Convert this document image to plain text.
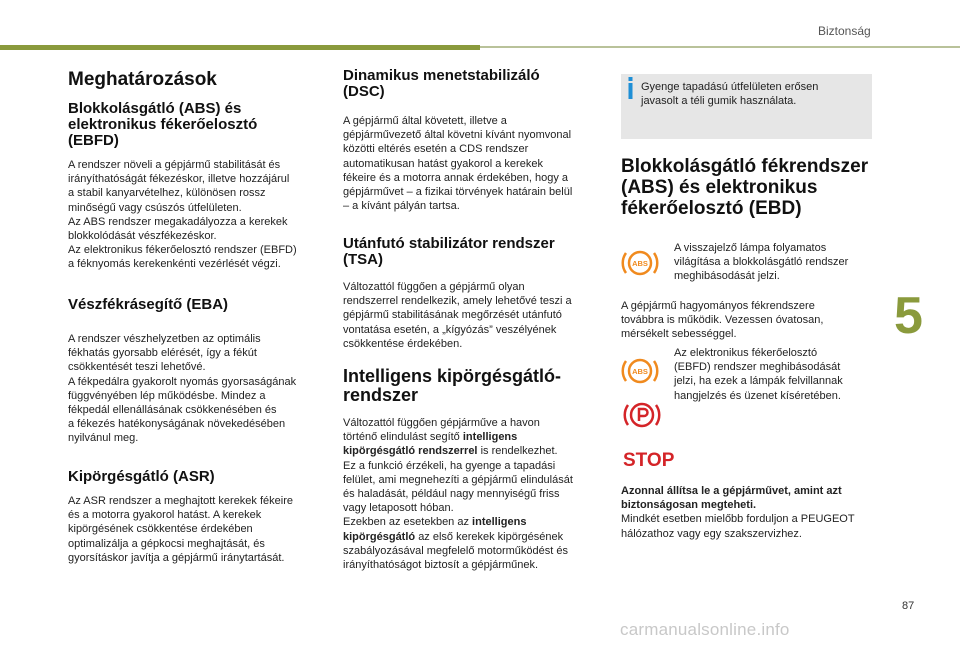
Biztonság
5
87
carmanualsonline.info
Meghatározások
Blokkolásgátló (ABS) és elektronikus fékerőelosztó (EBFD)

A rendszer növeli a gépjármű stabilitását és

irányíthatóságát fékezéskor, illetve hozzájárul

a stabil kanyarvételhez, különösen rossz

minőségű vagy csúszós útfelületen.

Az ABS rendszer megakadályozza a kerekek

blokkolódását vészfékezéskor.

Az elektronikus fékerőelosztó rendszer (EBFD)

a féknyomás kerekenkénti vezérlését végzi.

Vészfékrásegítő (EBA)

A rendszer vészhelyzetben az optimális

fékhatás gyorsabb elérését, így a fékút

csökkentését teszi lehetővé.

A fékpedálra gyakorolt nyomás gyorsaságának

függvényében lép működésbe. Mindez a

fékpedál ellenállásának csökkenésében és

a fékezés hatékonyságának növekedésében

nyilvánul meg.

Kipörgésgátló (ASR)

Az ASR rendszer a meghajtott kerekek fékeire

és a motorra gyakorol hatást. A kerekek

kipörgésének csökkentése érdekében

optimalizálja a gépkocsi meghajtását, és

gyorsításkor javítja a gépjármű iránytartását.

Dinamikus menetstabilizáló (DSC)

A gépjármű által követett, illetve a

gépjárművezető által követni kívánt nyomvonal

közötti eltérés esetén a CDS rendszer

automatikusan hatást gyakorol a kerekek

fékeire és a motorra annak érdekében, hogy a

gépjárművet – a fizikai törvények határain belül

– a kívánt pályán tartsa.

Utánfutó stabilizátor rendszer (TSA)

Változattól függően a gépjármű olyan

rendszerrel rendelkezik, amely lehetővé teszi a

gépjármű stabilitásának megőrzését utánfutó

vontatása esetén, a „kígyózás” veszélyének

csökkentése érdekében.

Intelligens kipörgésgátló-rendszer

Változattól függően gépjárműve a havon

történő elindulást segítő intelligens

kipörgésgátló rendszerrel is rendelkezhet.

Ez a funkció érzékeli, ha gyenge a tapadási

felület, ami megnehezíti a gépjármű elindulását

és haladását, például nagy mennyiségű friss

vagy letaposott hóban.

Ezekben az esetekben az intelligens

kipörgésgátló az első kerekek kipörgésének

szabályozásával megfelelő motorműködést és

irányíthatóságot biztosít a gépjárműnek.

Gyenge tapadású útfelületen erősen

javasolt a téli gumik használata.

Blokkolásgátló fékrendszer (ABS) és elektronikus fékerőelosztó (EBD)
ABS

A visszajelző lámpa folyamatos

világítása a blokkolásgátló rendszer

meghibásodását jelzi.

A gépjármű hagyományos fékrendszere

továbbra is működik. Vezessen óvatosan,

mérsékelt sebességgel.

ABS

Az elektronikus fékerőelosztó

(EBFD) rendszer meghibásodását

jelzi, ha ezek a lámpák felvillannak

hangjelzés és üzenet kíséretében.

STOP

Azonnal állítsa le a gépjárművet, amint azt

biztonságosan megteheti.

Mindkét esetben mielőbb forduljon a PEUGEOT

hálózathoz vagy egy szakszervizhez.
